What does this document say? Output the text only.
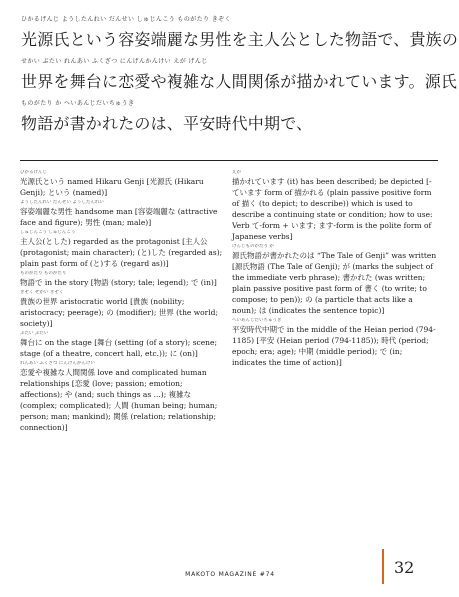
ひかるげんじ ようしたんれい だんせい しゅじんこう ものがたり きぞく
光源氏という容姿端麗な男性を主人公とした物語で、貴族の
せかい ぶたい れんあい ふくざつ にんげんかんけい えが げんじ
世界を舞台に恋愛や複雑な人間関係が描かれています。源氏
ものがたり か へいあんじだいちゅうき
物語が書かれたのは、平安時代中期で、
ひかるげんじ
光源氏という named Hikaru Genji [光源氏 (Hikaru Genji); という (named)]
ようしたんれい だんせい ようしたんれい
容姿端麗な男性 handsome man [容姿端麗な (attractive face and figure); 男性 (man; male)]
しゅじんこう しゅじんこう
主人公(とした) regarded as the protagonist [主人公 (protagonist; main character); (と)した (regarded as); plain past form of (と)する (regard as))]
ものがたり ものがたり
物語で in the story [物語 (story; tale; legend); で (in)]
きぞく せかい きぞく
貴族の世界 aristocratic world [貴族 (nobility; aristocracy; peerage); の (modifier); 世界 (the world; society)]
ぶたい ぶたい
舞台に on the stage [舞台 (setting (of a story); scene; stage (of a theatre, concert hall, etc.)); に (on)]
れんあい ふくざつ にんげんかんけい
恋愛や複雑な人間関係 love and complicated human relationships [恋愛 (love; passion; emotion; affections); や (and; such things as ...); 複雑な (complex; complicated); 人間 (human being; human; person; man; mankind); 関係 (relation; relationship; connection)]
えが
描かれています (it) has been described; be depicted [-ています form of 描かれる (plain passive positive form of 描く (to depict; to describe)) which is used to describe a continuing state or condition; how to use: Verb て-form + います; ます-form is the polite form of Japanese verbs]
げんじものがたり か
源氏物語が書かれたのは “The Tale of Genji” was written [源氏物語 (The Tale of Genji); が (marks the subject of the immediate verb phrase); 書かれた (was written; plain passive positive past form of 書く (to write; to compose; to pen)); の (a particle that acts like a noun); は (indicates the sentence topic)]
へいあんじだいちゅうき
平安時代中期で in the middle of the Heian period (794-1185) [平安 (Heian period (794-1185)); 時代 (period; epoch; era; age); 中期 (middle period); で (in; indicates the time of action)]
MAKOTO MAGAZINE #74	32
